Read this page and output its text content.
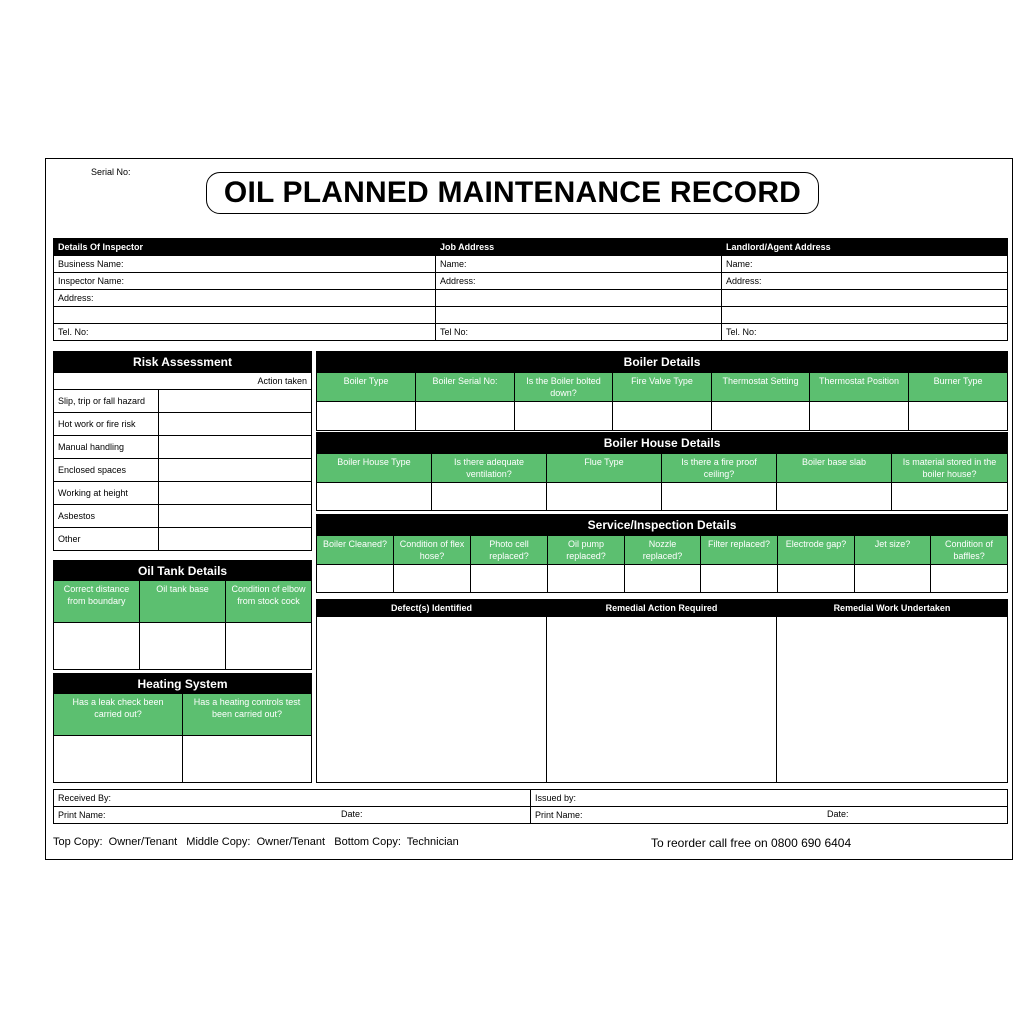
Serial No:
OIL PLANNED MAINTENANCE RECORD
Details Of Inspector	Job Address	Landlord/Agent Address
Business Name:	Name:	Name:
Inspector Name:	Address:	Address:
Address:		

Tel. No:	Tel No:	Tel. No:
Risk Assessment	
Action taken	
Slip, trip or fall hazard	
Hot work or fire risk	
Manual handling	
Enclosed spaces	
Working at height	
Asbestos	
Other	
Oil Tank Details		
Correct distance from boundary	Oil tank base	Condition of elbow from stock cock

Heating System	
Has a leak check been carried out?	Has a heating controls test been carried out?

Boiler Details						
Boiler Type	Boiler Serial No:	Is the Boiler bolted down?	Fire Valve Type	Thermostat Setting	Thermostat Position	Burner Type

Boiler House Details					
Boiler House Type	Is there adequate ventilation?	Flue Type	Is there a fire proof ceiling?	Boiler base slab	Is material stored in the boiler house?

Service/Inspection Details								
Boiler Cleaned?	Condition of flex hose?	Photo cell replaced?	Oil pump replaced?	Nozzle replaced?	Filter replaced?	Electrode gap?	Jet size?	Condition of baffles?

Defect(s) Identified	Remedial Action Required	Remedial Work Undertaken

Received By:	Issued by:
Print Name: Date:	Print Name: Date:
Top Copy:  Owner/Tenant   Middle Copy:  Owner/Tenant   Bottom Copy:  Technician	To reorder call free on 0800 690 6404
